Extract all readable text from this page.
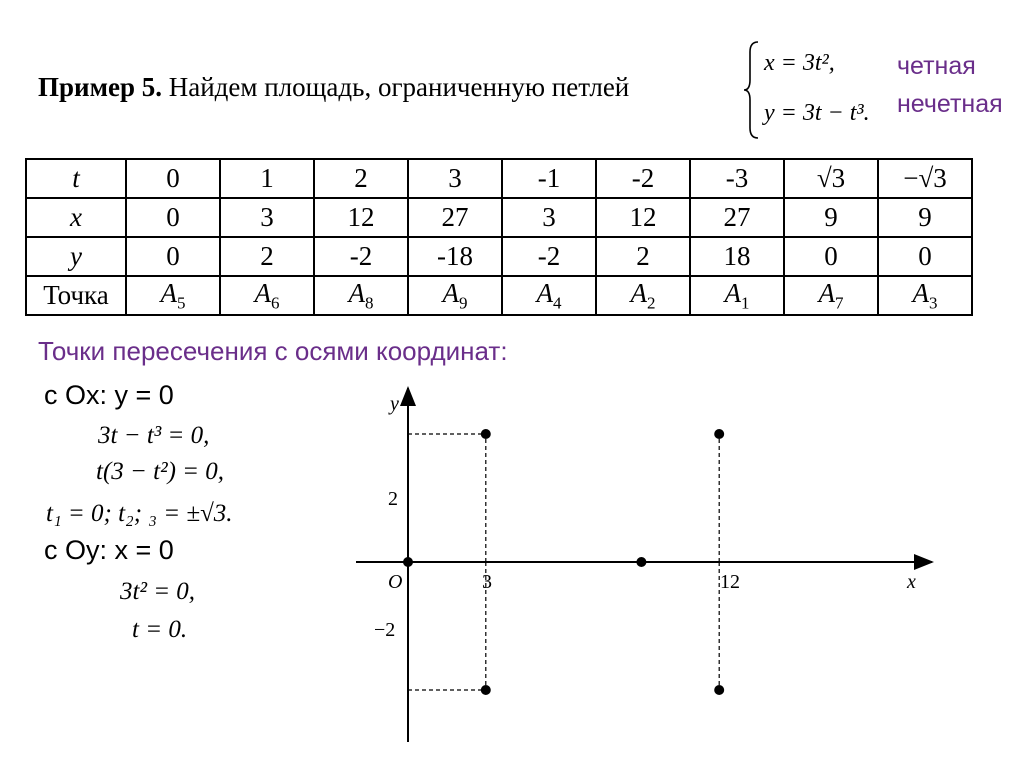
Пример 5. Найдем площадь, ограниченную петлей
x = 3t²,
y = 3t − t³.
четная
нечетная
t	0	1	2	3	-1	-2	-3	√3	−√3
x	0	3	12	27	3	12	27	9	9
y	0	2	-2	-18	-2	2	18	0	0
Точка	$A_5$	$A_6$	$A_8$	$A_9$	$A_4$	$A_2$	$A_1$	$A_7$	$A_3$
Точки пересечения с осями координат:
с Ox: y = 0
3t − t³ = 0,
t(3 − t²) = 0,
t₁ = 0; t₂; ₃ = ±√3.
с Oy: x = 0
3t² = 0,
t = 0.
y
x
O	3	12
2
−2
